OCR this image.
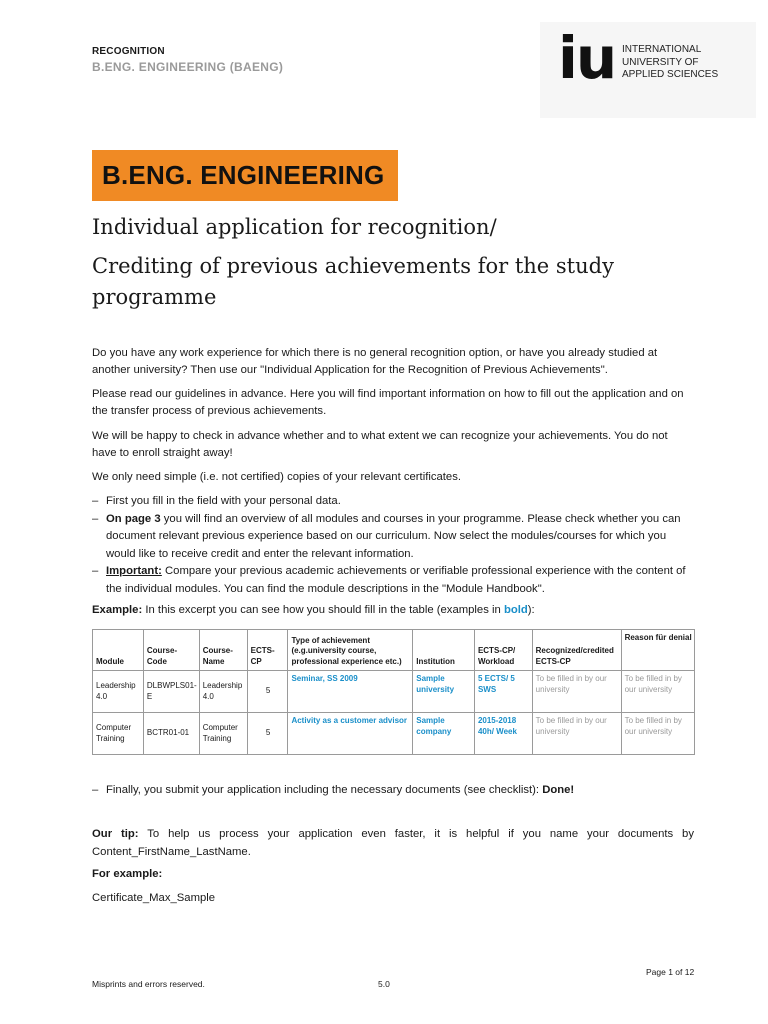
RECOGNITION
B.ENG. ENGINEERING (BAENG)	iu INTERNATIONAL
UNIVERSITY OF
APPLIED SCIENCES
B.ENG. ENGINEERING
Individual application for recognition/
Crediting of previous achievements for the study programme
Do you have any work experience for which there is no general recognition option, or have you already studied at another university? Then use our "Individual Application for the Recognition of Previous Achievements".
Please read our guidelines in advance. Here you will find important information on how to fill out the application and on the transfer process of previous achievements.
We will be happy to check in advance whether and to what extent we can recognize your achievements. You do not have to enroll straight away!
We only need simple (i.e. not certified) copies of your relevant certificates.
– First you fill in the field with your personal data.
– On page 3 you will find an overview of all modules and courses in your programme. Please check whether you can document relevant previous experience based on our curriculum. Now select the modules/courses for which you would like to receive credit and enter the relevant information.
– Important: Compare your previous academic achievements or verifiable professional experience with the content of the individual modules. You can find the module descriptions in the "Module Handbook".
Example: In this excerpt you can see how you should fill in the table (examples in bold):
Module	Course-Code	Course-Name	ECTS-CP	Type of achievement (e.g.university course, professional experience etc.)	Institution	ECTS-CP/ Workload	Recognized/credited ECTS-CP	Reason für denial
Leadership 4.0	DLBWPLS01-E	Leadership 4.0	5	Seminar, SS 2009	Sample university	5 ECTS/ 5 SWS	To be filled in by our university	To be filled in by our university
Computer Training	BCTR01-01	Computer Training	5	Activity as a customer advisor	Sample company	2015-2018 40h/ Week	To be filled in by our university	To be filled in by our university
– Finally, you submit your application including the necessary documents (see checklist): Done!
Our tip: To help us process your application even faster, it is helpful if you name your documents by Content_FirstName_LastName.
For example:
Certificate_Max_Sample
Page 1 of 12
Misprints and errors reserved.	5.0
